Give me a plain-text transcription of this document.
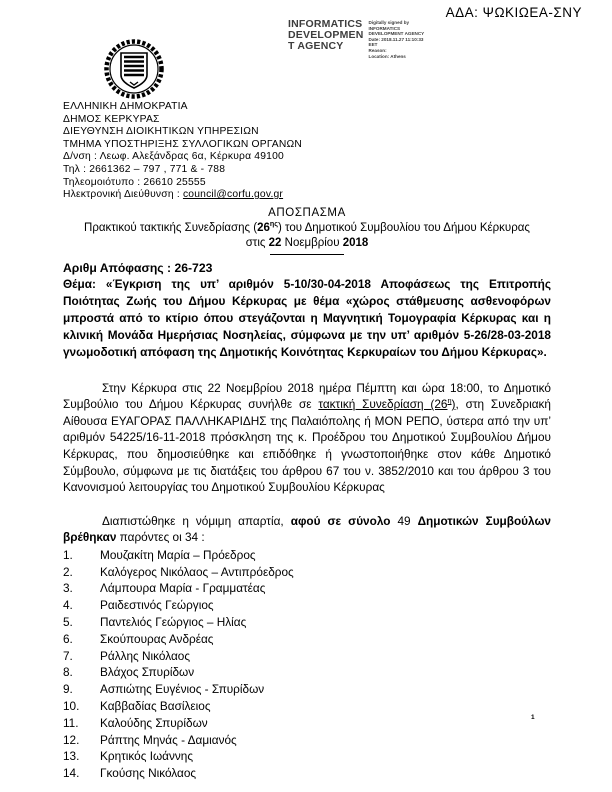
ΑΔΑ: ΨΩΚΙΩΕΑ-ΣΝΥ
INFORMATICS
DEVELOPMEN
T AGENCY
Digitally signed by
INFORMATICS
DEVELOPMENT AGENCY
Date: 2018.11.27 11:10:33
EET
Reason:
Location: Athens
ΕΛΛΗΝΙΚΗ ΔΗΜΟΚΡΑΤΙΑ
ΔΗΜΟΣ ΚΕΡΚΥΡΑΣ
ΔΙΕΥΘΥΝΣΗ ΔΙΟΙΚΗΤΙΚΩΝ ΥΠΗΡΕΣΙΩΝ
ΤΜΗΜΑ ΥΠΟΣΤΗΡΙΞΗΣ ΣΥΛΛΟΓΙΚΩΝ ΟΡΓΑΝΩΝ
Δ/νση : Λεωφ. Αλεξάνδρας 6α, Κέρκυρα 49100
Τηλ : 2661362 – 797 , 771 & - 788
Τηλεομοιότυπο : 26610 25555
Ηλεκτρονική Διεύθυνση : council@corfu.gov.gr
ΑΠΟΣΠΑΣΜΑ
Πρακτικού τακτικής Συνεδρίασης $(26^{\eta\varsigma})$ του Δημοτικού Συμβουλίου του Δήμου Κέρκυρας
στις 22 Νοεμβρίου 2018
Αριθμ Απόφασης : 26-723
Θέμα: «Έγκριση της υπ’ αριθμόν 5-10/30-04-2018 Αποφάσεως της Επιτροπής Ποιότητας Ζωής του Δήμου Κέρκυρας με θέμα «χώρος στάθμευσης ασθενοφόρων μπροστά από το κτίριο όπου στεγάζονται η Μαγνητική Τομογραφία Κέρκυρας και η κλινική Μονάδα Ημερήσιας Νοσηλείας, σύμφωνα με την υπ’ αριθμόν 5-26/28-03-2018 γνωμοδοτική απόφαση της Δημοτικής Κοινότητας Κερκυραίων του Δήμου Κέρκυρας».
Στην Κέρκυρα στις 22 Νοεμβρίου 2018 ημέρα Πέμπτη και ώρα 18:00, το Δημοτικό Συμβούλιο του Δήμου Κέρκυρας συνήλθε σε τακτική Συνεδρίαση $(26^\eta)$, στη Συνεδριακή Αίθουσα ΕΥΑΓΟΡΑΣ ΠΑΛΛΗΚΑΡΙΔΗΣ της Παλαιόπολης ή ΜΟΝ ΡΕΠΟ, ύστερα από την υπ’ αριθμόν 54225/16-11-2018 πρόσκληση της κ. Προέδρου του Δημοτικού Συμβουλίου Δήμου Κέρκυρας, που δημοσιεύθηκε και επιδόθηκε ή γνωστοποιήθηκε στον κάθε Δημοτικό Σύμβουλο, σύμφωνα με τις διατάξεις του άρθρου 67 του ν. 3852/2010 και του άρθρου 3 του Κανονισμού λειτουργίας του Δημοτικού Συμβουλίου Κέρκυρας
Διαπιστώθηκε η νόμιμη απαρτία, αφού σε σύνολο 49 Δημοτικών Συμβούλων βρέθηκαν παρόντες οι 34 :
1.	Μουζακίτη Μαρία – Πρόεδρος
2.	Καλόγερος Νικόλαος – Αντιπρόεδρος
3.	Λάμπουρα Μαρία - Γραμματέας
4.	Ραιδεστινός Γεώργιος
5.	Παντελιός Γεώργιος – Ηλίας
6.	Σκούπουρας Ανδρέας
7.	Ράλλης Νικόλαος
8.	Βλάχος Σπυρίδων
9.	Ασπιώτης Ευγένιος - Σπυρίδων
10.	Καββαδίας Βασίλειος
11.	Καλούδης Σπυρίδων
12.	Ράπτης Μηνάς - Δαμιανός
13.	Κρητικός Ιωάννης
14.	Γκούσης Νικόλαος
1
